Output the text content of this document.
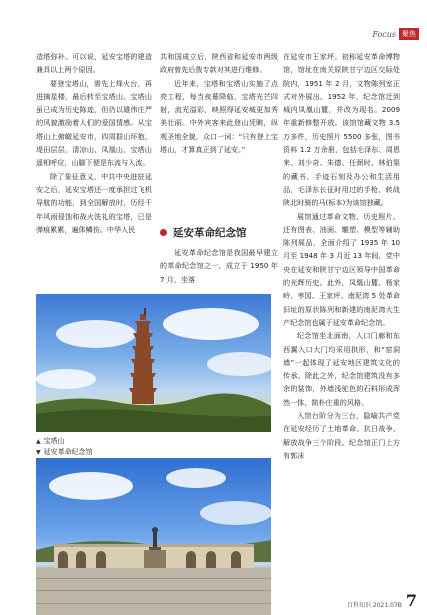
Focus 聚焦

造塔弥补。可以说，延安宝塔的建造兼具以上两个原因。

要登宝塔山，需先上烽火台，再进摘星楼，最后转至宝塔山。宝塔山虽已成为历史陈迹，但仍以雄伟庄严的风貌激励着人们的爱国情感。从宝塔山上俯瞰延安市，四周群山环抱，堤田层层，清凉山、凤凰山、宝塔山遥相呼应，山脚下便是东流与入流。

除了象征意义，中共中央进驻延安之后，延安宝塔还一度承担过飞机导航的功能，到全国解放时，历经千年风雨侵蚀和战火洗礼的宝塔，已是弹痕累累，遍体鳞伤。中华人民

共和国成立后，陕西省和延安市两级政府曾先后拨专款对其进行维修。

近年来，宝塔和宝塔山实施了点亮工程，每当夜幕降临，宝塔光芒四射，流光溢彩，映照得延安城更加秀美壮丽。中外宾客来此登山凭眺，纵观圣地全貌，众口一词：“只有登上宝塔山，才算真正到了延安。”

延安革命纪念馆

延安革命纪念馆是我国最早建立的革命纪念馆之一，成立于 1950 年 7 月，坐落

在延安市王家坪。初称延安革命博物馆，馆址在南关原陕甘宁边区交际处院内，1951 年 2 月，文物陈列室正式对外展出。1952 年，纪念馆迁到城内凤凰山麓，并改为现名。2009 年重新修整开放。该馆馆藏文物 3.5 万多件，历史照片 5500 多张，图书资料 1.2 万余册，包括毛泽东、周恩来、刘少奇、朱德、任弼时、林伯渠的藏书、手迹石刻及办公和生活用品，毛泽东长征时用过的手枪、转战陕北时骑的马(标本)为该馆独藏。

展馆通过革命文物、历史照片、还有图表、油画、雕塑、模型等辅助陈列展品，全面介绍了 1935 年 10 月至 1948 年 3 月近 13 年间，党中央在延安和陕甘宁边区领导中国革命的光辉历史。此外，凤凰山麓、杨家岭、枣园、王家坪、南泥湾 5 处革命旧址的原状陈列和新建的南泥湾大生产纪念馆也属于延安革命纪念馆。

纪念馆坐北面南，入口门廊和东西翼入口大门均采用拱形，和“窑洞墙”一起体现了延安地区建筑文化的传承。除此之外，纪念馆建筑没有多余的装饰，外墙浅驼色的石料形成浑然一体、简朴庄重的风格。

入馆台阶分为三台，隐喻共产党在延安经历了土地革命、抗日战争、解放战争三个阶段。纪念馆正门上方有郭沫

▲ 宝塔山
▼ 延安革命纪念馆
百科知识 2021.07B 7
